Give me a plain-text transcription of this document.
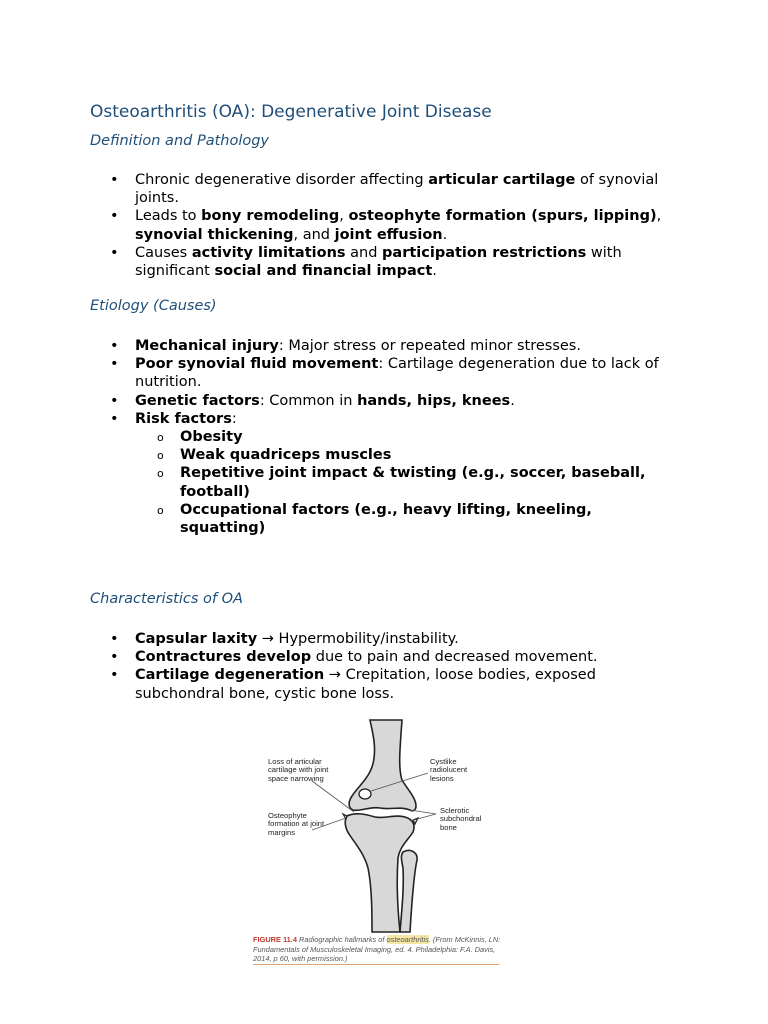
Osteoarthritis (OA): Degenerative Joint Disease
Definition and Pathology
• Chronic degenerative disorder affecting articular cartilage of synovial joints.
• Leads to bony remodeling, osteophyte formation (spurs, lipping), synovial thickening, and joint effusion.
• Causes activity limitations and participation restrictions with significant social and financial impact.
Etiology (Causes)
• Mechanical injury: Major stress or repeated minor stresses.
• Poor synovial fluid movement: Cartilage degeneration due to lack of nutrition.
• Genetic factors: Common in hands, hips, knees.
• Risk factors:
o Obesity
o Weak quadriceps muscles
o Repetitive joint impact & twisting (e.g., soccer, baseball, football)
o Occupational factors (e.g., heavy lifting, kneeling, squatting)
Characteristics of OA
• Capsular laxity → Hypermobility/instability.
• Contractures develop due to pain and decreased movement.
• Cartilage degeneration → Crepitation, loose bodies, exposed subchondral bone, cystic bone loss.
Loss of articular cartilage with joint space narrowing
Osteophyte formation at joint margins
Cystlike radiolucent lesions
Sclerotic subchondral bone
FIGURE 11.4 Radiographic hallmarks of osteoarthritis. (From McKinnis, LN: Fundamentals of Musculoskeletal Imaging, ed. 4. Philadelphia: F.A. Davis, 2014, p 60, with permission.)
